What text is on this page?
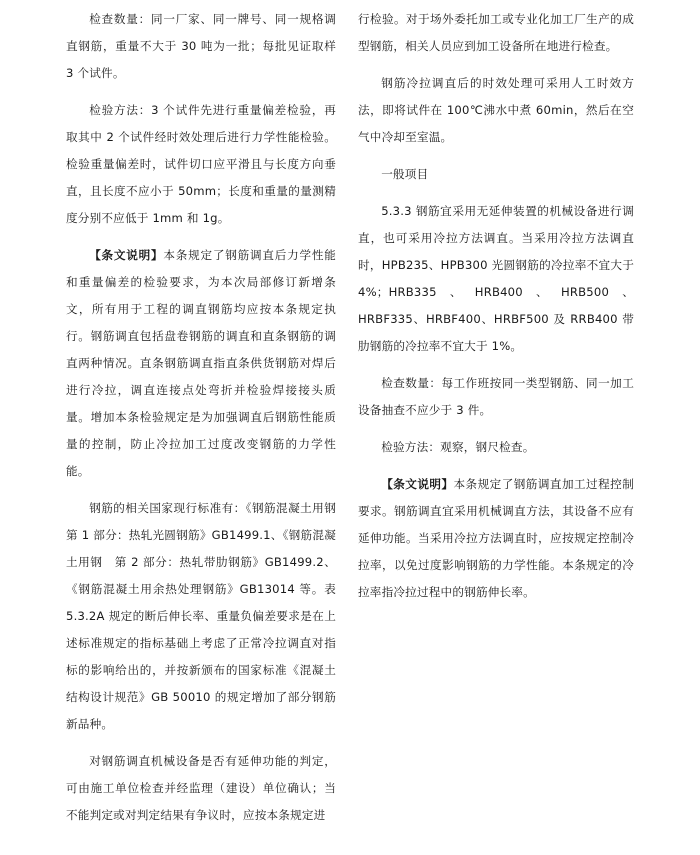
检查数量：同一厂家、同一牌号、同一规格调直钢筋，重量不大于 30 吨为一批；每批见证取样 3 个试件。

检验方法：3 个试件先进行重量偏差检验，再取其中 2 个试件经时效处理后进行力学性能检验。检验重量偏差时，试件切口应平滑且与长度方向垂直，且长度不应小于 50mm；长度和重量的量测精度分别不应低于 1mm 和 1g。

【条文说明】本条规定了钢筋调直后力学性能和重量偏差的检验要求，为本次局部修订新增条文，所有用于工程的调直钢筋均应按本条规定执行。钢筋调直包括盘卷钢筋的调直和直条钢筋的调直两种情况。直条钢筋调直指直条供货钢筋对焊后进行冷拉，调直连接点处弯折并检验焊接接头质量。增加本条检验规定是为加强调直后钢筋性能质量的控制，防止冷拉加工过度改变钢筋的力学性能。

钢筋的相关国家现行标准有：《钢筋混凝土用钢　第 1 部分：热轧光圆钢筋》GB1499.1、《钢筋混凝土用钢　第 2 部分：热轧带肋钢筋》GB1499.2、《钢筋混凝土用余热处理钢筋》GB13014 等。表 5.3.2A 规定的断后伸长率、重量负偏差要求是在上述标准规定的指标基础上考虑了正常冷拉调直对指标的影响给出的，并按新颁布的国家标准《混凝土结构设计规范》GB 50010 的规定增加了部分钢筋新品种。

对钢筋调直机械设备是否有延伸功能的判定，可由施工单位检查并经监理（建设）单位确认；当不能判定或对判定结果有争议时，应按本条规定进

行检验。对于场外委托加工或专业化加工厂生产的成型钢筋，相关人员应到加工设备所在地进行检查。

钢筋冷拉调直后的时效处理可采用人工时效方法，即将试件在 100℃沸水中煮 60min，然后在空气中冷却至室温。

一般项目

5.3.3 钢筋宜采用无延伸装置的机械设备进行调直，也可采用冷拉方法调直。当采用冷拉方法调直时，HPB235、HPB300 光圆钢筋的冷拉率不宜大于 4%；HRB335、HRB400、HRB500、HRBF335、HRBF400、HRBF500 及 RRB400 带肋钢筋的冷拉率不宜大于 1%。

检查数量：每工作班按同一类型钢筋、同一加工设备抽查不应少于 3 件。

检验方法：观察，钢尺检查。

【条文说明】本条规定了钢筋调直加工过程控制要求。钢筋调直宜采用机械调直方法，其设备不应有延伸功能。当采用冷拉方法调直时，应按规定控制冷拉率，以免过度影响钢筋的力学性能。本条规定的冷拉率指冷拉过程中的钢筋伸长率。
